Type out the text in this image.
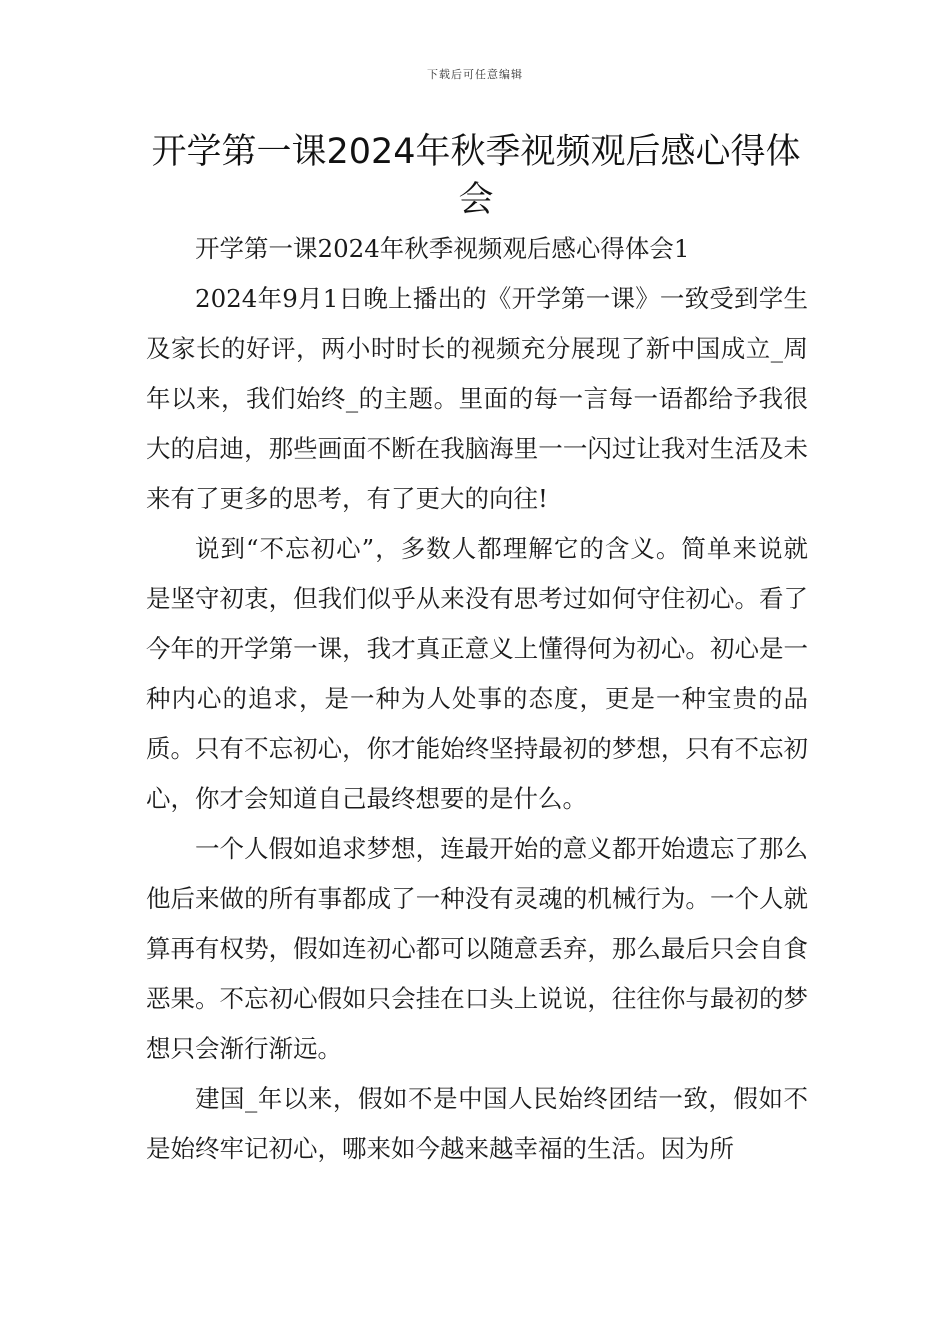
下载后可任意编辑
开学第一课2024年秋季视频观后感心得体会

开学第一课2024年秋季视频观后感心得体会1

2024年9月1日晚上播出的《开学第一课》一致受到学生及家长的好评，两小时时长的视频充分展现了新中国成立_周年以来，我们始终_的主题。里面的每一言每一语都给予我很大的启迪，那些画面不断在我脑海里一一闪过让我对生活及未来有了更多的思考，有了更大的向往!

说到“不忘初心”，多数人都理解它的含义。简单来说就是坚守初衷，但我们似乎从来没有思考过如何守住初心。看了今年的开学第一课，我才真正意义上懂得何为初心。初心是一种内心的追求，是一种为人处事的态度，更是一种宝贵的品质。只有不忘初心，你才能始终坚持最初的梦想，只有不忘初心，你才会知道自己最终想要的是什么。

一个人假如追求梦想，连最开始的意义都开始遗忘了那么他后来做的所有事都成了一种没有灵魂的机械行为。一个人就算再有权势，假如连初心都可以随意丢弃，那么最后只会自食恶果。不忘初心假如只会挂在口头上说说，往往你与最初的梦想只会渐行渐远。

建国_年以来，假如不是中国人民始终团结一致，假如不是始终牢记初心，哪来如今越来越幸福的生活。因为所
